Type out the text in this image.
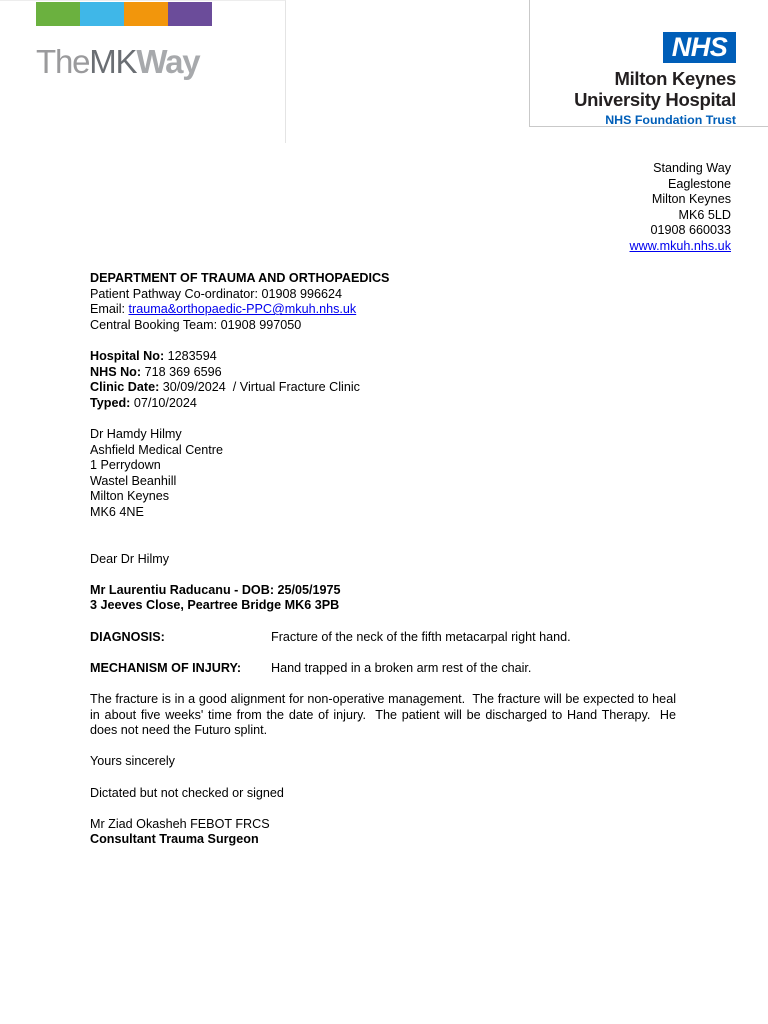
TheMKWay	NHS
Milton Keynes
University Hospital
NHS Foundation Trust
Standing Way
Eaglestone
Milton Keynes
MK6 5LD
01908 660033
www.mkuh.nhs.uk
DEPARTMENT OF TRAUMA AND ORTHOPAEDICS
Patient Pathway Co-ordinator: 01908 996624
Email: trauma&orthopaedic-PPC@mkuh.nhs.uk
Central Booking Team: 01908 997050
Hospital No: 1283594
NHS No: 718 369 6596
Clinic Date: 30/09/2024  / Virtual Fracture Clinic
Typed: 07/10/2024
Dr Hamdy Hilmy
Ashfield Medical Centre
1 Perrydown
Wastel Beanhill
Milton Keynes
MK6 4NE
Dear Dr Hilmy
Mr Laurentiu Raducanu - DOB: 25/05/1975
3 Jeeves Close, Peartree Bridge MK6 3PB
DIAGNOSIS:	Fracture of the neck of the fifth metacarpal right hand.
MECHANISM OF INJURY:	Hand trapped in a broken arm rest of the chair.
The fracture is in a good alignment for non-operative management.  The fracture will be expected to heal in about five weeks' time from the date of injury.  The patient will be discharged to Hand Therapy.  He does not need the Futuro splint.
Yours sincerely
Dictated but not checked or signed
Mr Ziad Okasheh FEBOT FRCS
Consultant Trauma Surgeon
